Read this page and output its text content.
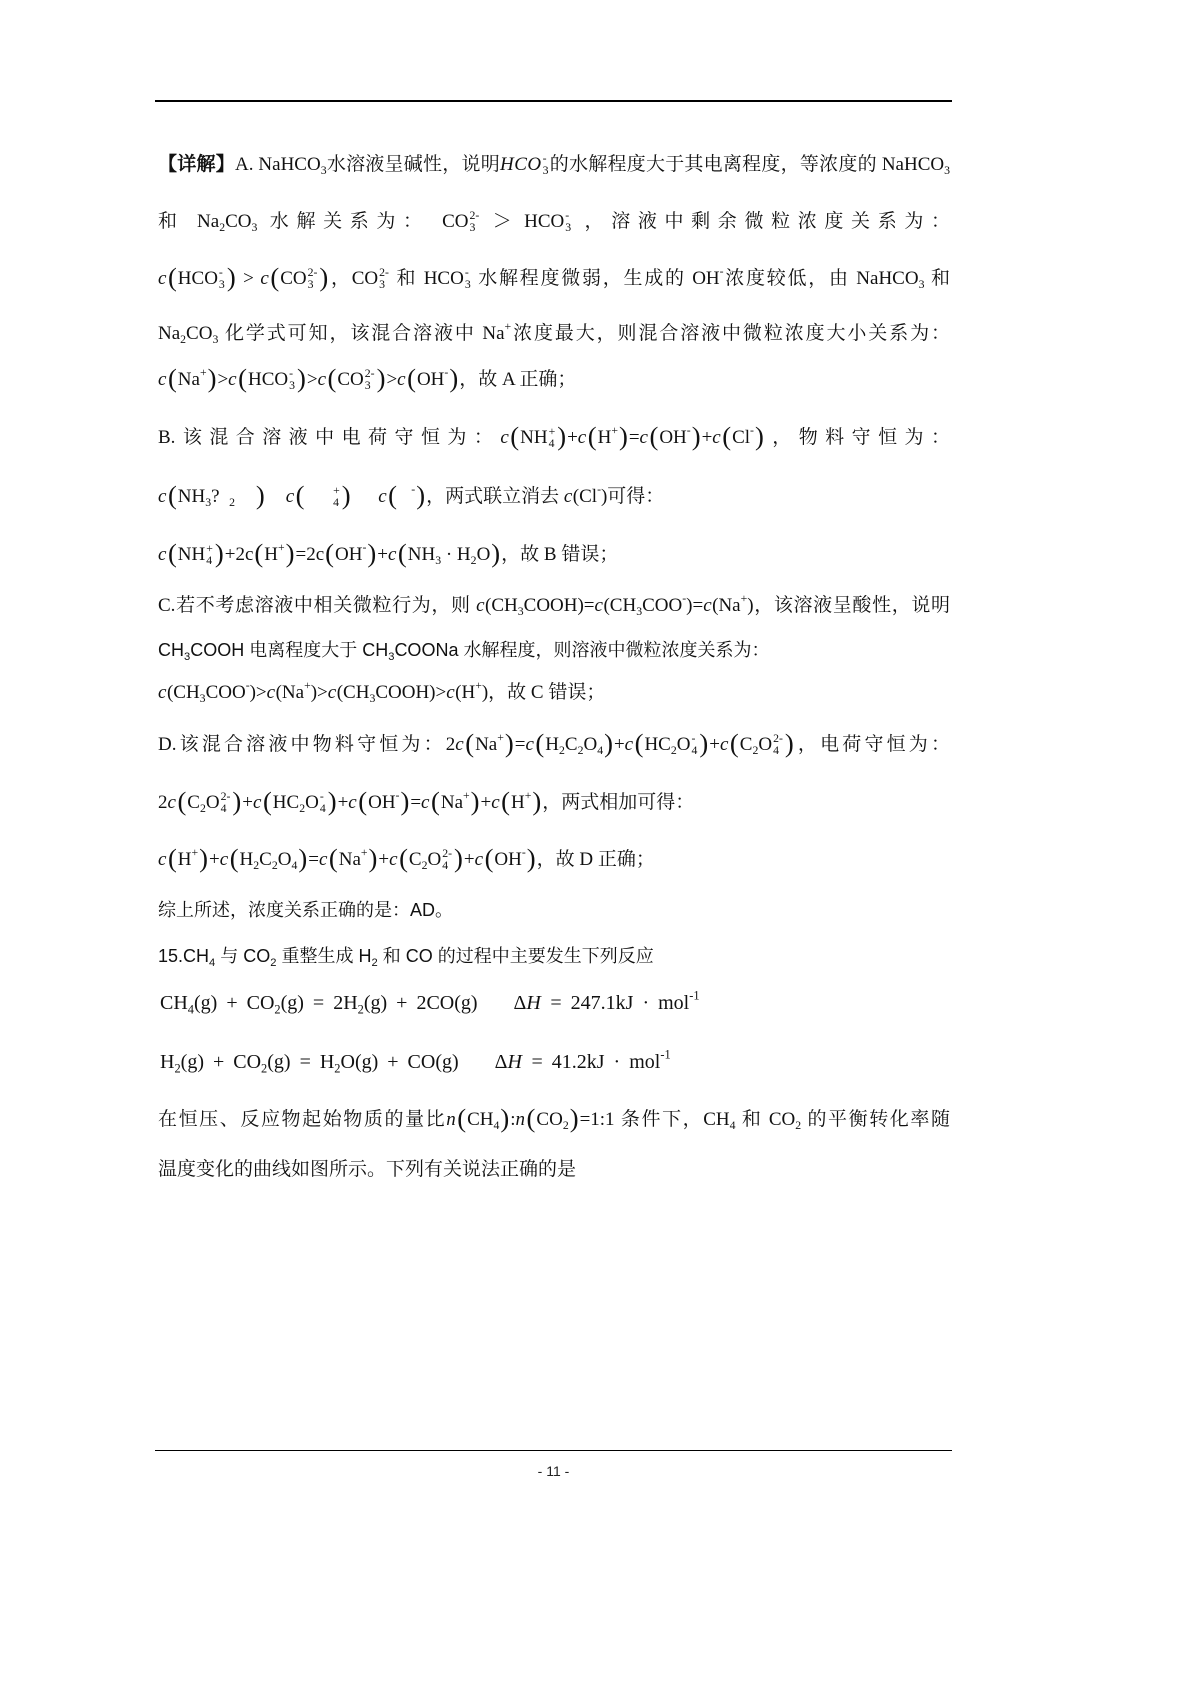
【详解】A. NaHCO$_3$水溶液呈碱性，说明HCO -
3 的水解程度大于其电离程度，等浓度的 NaHCO$_3$
和 $Na_2CO_3$ 水解关系为： CO 2-
3 ＞ HCO -
3 ，溶液中剩余微粒浓度关系为：
c(HCO -
3 ) > c(CO 2-
3 )，CO 2-
3 和 HCO -
3 水解程度微弱，生成的 OH-浓度较低，由 NaHCO$_3$ 和
$Na_2CO_3$ 化学式可知，该混合溶液中 Na+浓度最大，则混合溶液中微粒浓度大小关系为：
c(Na+)>c(HCO -
3 )>c(CO 2-
3 )>c(OH-)，故 A 正确；
B.该混合溶液中电荷守恒为：c(NH +
4 )+c(H+)=c(OH-)+c(Cl-)，物料守恒为：
$c(NH_3$?  $_2$   )   c( +
4 )    c(  -)，两式联立消去 c(Cl-)可得：
c(NH +
4 )$+2c(H^+)=2c(OH^-)+c(NH_3 \cdot H_2O)$，故 B 错误；
C.若不考虑溶液中相关微粒行为，则 $c(CH_3COOH)=c(CH_3COO^-)=c(Na^+)$，该溶液呈酸性，说明
$CH_3COOH$ 电离程度大于 $CH_3COONa$ 水解程度，则溶液中微粒浓度关系为：
$c(CH_3COO^-)>c(Na^+)>c(CH_3COOH)>c(H^+)$，故 C 错误；
D.该混合溶液中物料守恒为：$2c(Na^+)=c(H_2C_2O_4)+c(HC_2O$ -
4 )$+c(C_2O$ 2-
4 )，电荷守恒为：
$2c(C_2O$ 2-
4 )$+c(HC_2O$ -
4 )+c(OH-)=c(Na+)+c(H+)，两式相加可得：
$c(H^+)+c(H_2C_2O_4)=c(Na^+)+c(C_2O$ 2-
4 )+c(OH-)，故 D 正确；
综上所述，浓度关系正确的是：AD。
$15.CH_4$ 与 $CO_2$ 重整生成 $H_2$ 和 CO 的过程中主要发生下列反应
$CH_4(g) + CO_2(g) = 2H_2(g) + 2CO(g)$    ΔH = 247.1kJ · mol$^{-1}$
$H_2(g) + CO_2(g) = H_2O(g) + CO(g)$    ΔH = 41.2kJ · mol$^{-1}$
在恒压、反应物起始物质的量比$n(CH_4):n(CO_2)=1:1$ 条件下，$CH_4$ 和 $CO_2$ 的平衡转化率随
温度变化的曲线如图所示。下列有关说法正确的是
- 11 -
